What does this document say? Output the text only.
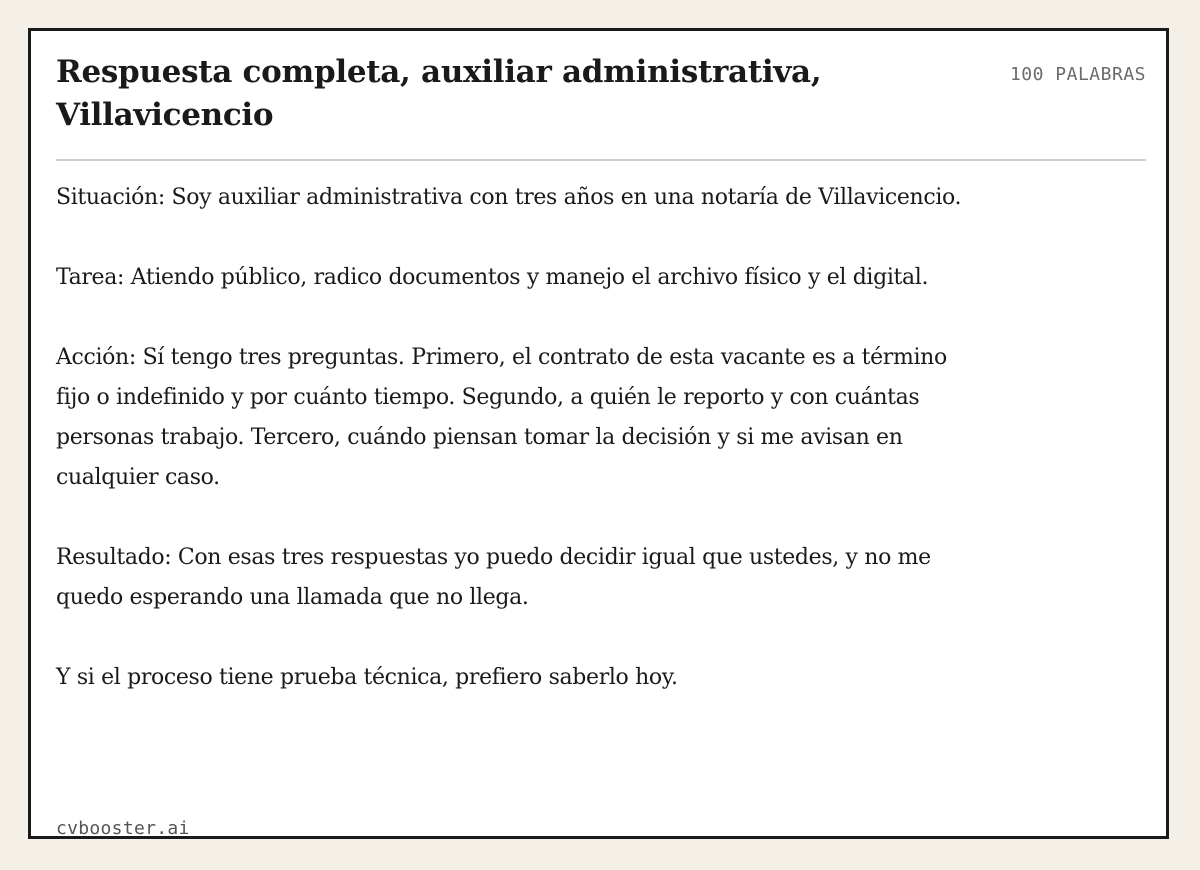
Respuesta completa, auxiliar administrativa, Villavicencio
100 PALABRAS

Situación: Soy auxiliar administrativa con tres años en una notaría de Villavicencio.

Tarea: Atiendo público, radico documentos y manejo el archivo físico y el digital.

Acción: Sí tengo tres preguntas. Primero, el contrato de esta vacante es a término fijo o indefinido y por cuánto tiempo. Segundo, a quién le reporto y con cuántas personas trabajo. Tercero, cuándo piensan tomar la decisión y si me avisan en cualquier caso.

Resultado: Con esas tres respuestas yo puedo decidir igual que ustedes, y no me quedo esperando una llamada que no llega.

Y si el proceso tiene prueba técnica, prefiero saberlo hoy.

cvbooster.ai
